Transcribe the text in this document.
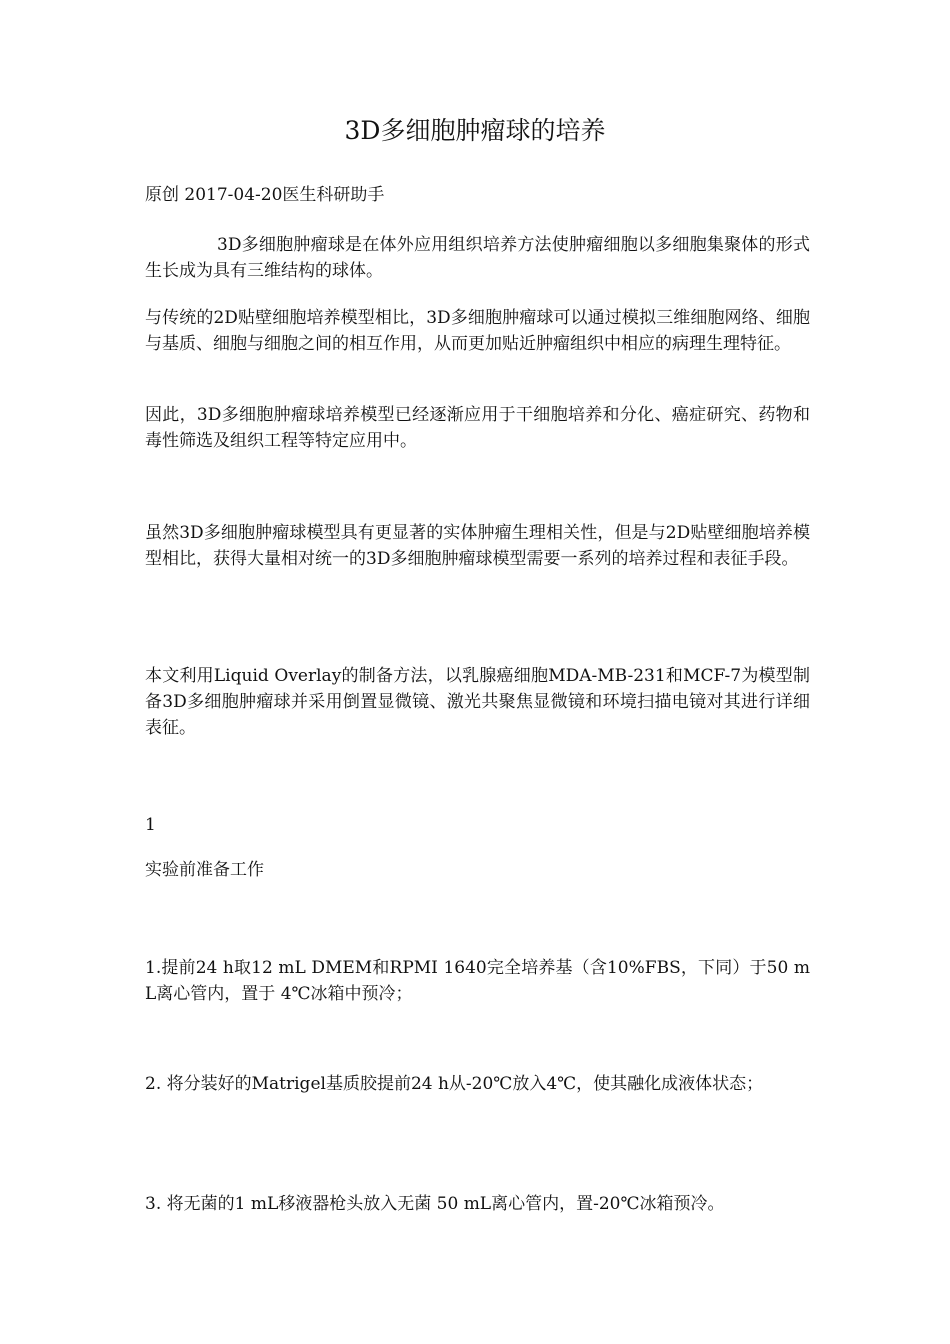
3D多细胞肿瘤球的培养
原创 2017-04-20医生科研助手
3D多细胞肿瘤球是在体外应用组织培养方法使肿瘤细胞以多细胞集聚体的形式生长成为具有三维结构的球体。
与传统的2D贴壁细胞培养模型相比，3D多细胞肿瘤球可以通过模拟三维细胞网络、细胞与基质、细胞与细胞之间的相互作用，从而更加贴近肿瘤组织中相应的病理生理特征。
因此，3D多细胞肿瘤球培养模型已经逐渐应用于干细胞培养和分化、癌症研究、药物和毒性筛选及组织工程等特定应用中。
虽然3D多细胞肿瘤球模型具有更显著的实体肿瘤生理相关性，但是与2D贴壁细胞培养模型相比，获得大量相对统一的3D多细胞肿瘤球模型需要一系列的培养过程和表征手段。
本文利用Liquid Overlay的制备方法，以乳腺癌细胞MDA-MB-231和MCF-7为模型制备3D多细胞肿瘤球并采用倒置显微镜、激光共聚焦显微镜和环境扫描电镜对其进行详细表征。
1
实验前准备工作
1.提前24 h取12 mL DMEM和RPMI 1640完全培养基（含10%FBS，下同）于50 mL离心管内，置于 4℃冰箱中预冷；
2. 将分装好的Matrigel基质胶提前24 h从-20℃放入4℃，使其融化成液体状态；
3. 将无菌的1 mL移液器枪头放入无菌 50 mL离心管内，置-20℃冰箱预冷。
